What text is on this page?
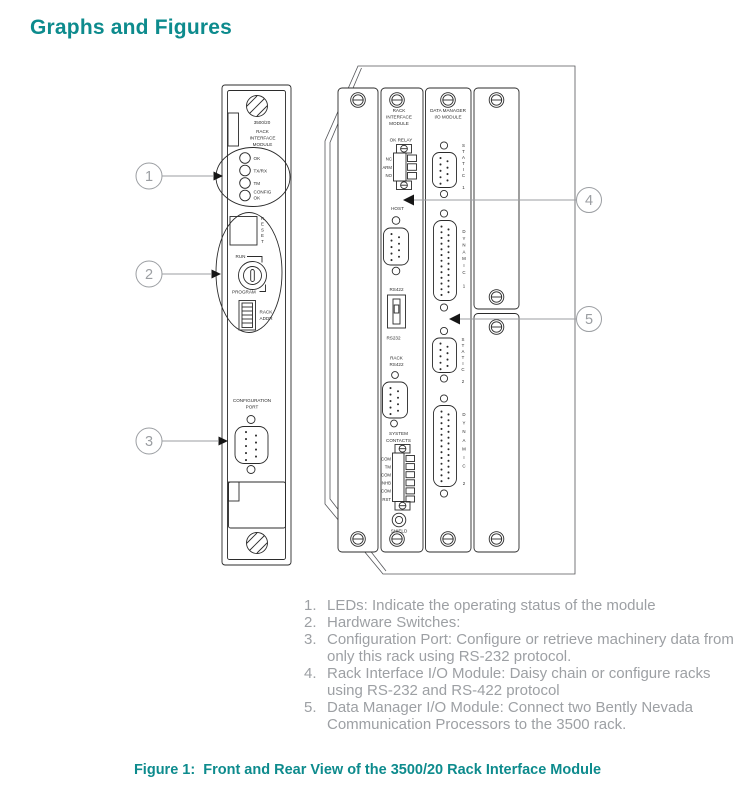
Graphs and Figures
3500/20
RACK
INTERFACE
MODULE
OK
TX/RX
TM
CONFIG
OK
R E S E T
RUN
PROGRAM
RACK
ADDR
CONFIGURATION
PORT
RACK
INTERFACE
MODULE
OK RELAY
NC
ARM
NO
HOST
RS422
RS232
RACK
RS422
SYSTEM
CONTACTS
COM
TM
COM
INHB
COM
RST
SHIELD
DATA MANAGER
I/O MODULE
S T A T I C 1
D Y N A M I C 1
S T A T I C 2
D Y N A M I C 2
1
2
3
4
5
1. LEDs: Indicate the operating status of the module
2. Hardware Switches:
3. Configuration Port: Configure or retrieve machinery data from only this rack using RS-232 protocol.
4. Rack Interface I/O Module: Daisy chain or configure racks using RS-232 and RS-422 protocol
5. Data Manager I/O Module: Connect two Bently Nevada Communication Processors to the 3500 rack.
Figure 1:  Front and Rear View of the 3500/20 Rack Interface Module
